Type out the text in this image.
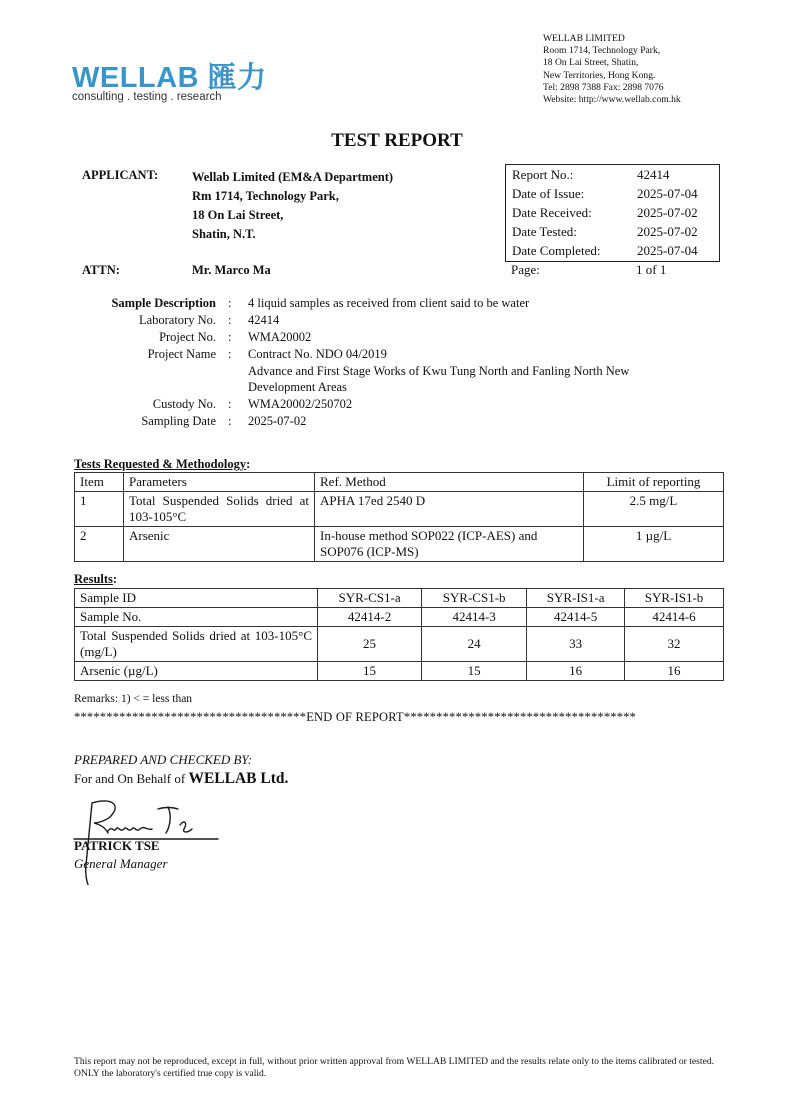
WELLAB 匯力
consulting . testing . research
WELLAB LIMITED
Room 1714, Technology Park,
18 On Lai Street, Shatin,
New Territories, Hong Kong.
Tel: 2898 7388 Fax: 2898 7076
Website: http://www.wellab.com.hk
TEST REPORT
APPLICANT:	Wellab Limited (EM&A Department)
Rm 1714, Technology Park,
18 On Lai Street,
Shatin, N.T.
ATTN:	Mr. Marco Ma
Report No.:	42414
Date of Issue:	2025-07-04
Date Received:	2025-07-02
Date Tested:	2025-07-02
Date Completed:	2025-07-04
Page:	1 of 1
Sample Description : 4 liquid samples as received from client said to be water
Laboratory No. : 42414
Project No. : WMA20002
Project Name : Contract No. NDO 04/2019
Advance and First Stage Works of Kwu Tung North and Fanling North New
Development Areas
Custody No. : WMA20002/250702
Sampling Date : 2025-07-02
Tests Requested & Methodology:
Item	Parameters	Ref. Method	Limit of reporting
1	Total Suspended Solids dried at 103-105°C	APHA 17ed 2540 D	2.5 mg/L
2	Arsenic	In-house method SOP022 (ICP-AES) and SOP076 (ICP-MS)	1 µg/L
Results:
Sample ID	SYR-CS1-a	SYR-CS1-b	SYR-IS1-a	SYR-IS1-b
Sample No.	42414-2	42414-3	42414-5	42414-6
Total Suspended Solids dried at 103-105°C (mg/L)	25	24	33	32
Arsenic (µg/L)	15	15	16	16
Remarks: 1) < = less than
************************************END OF REPORT************************************
PREPARED AND CHECKED BY:
For and On Behalf of WELLAB Ltd.
PATRICK TSE
General Manager
This report may not be reproduced, except in full, without prior written approval from WELLAB LIMITED and the results relate only to the items calibrated or tested. ONLY the laboratory's certified true copy is valid.
